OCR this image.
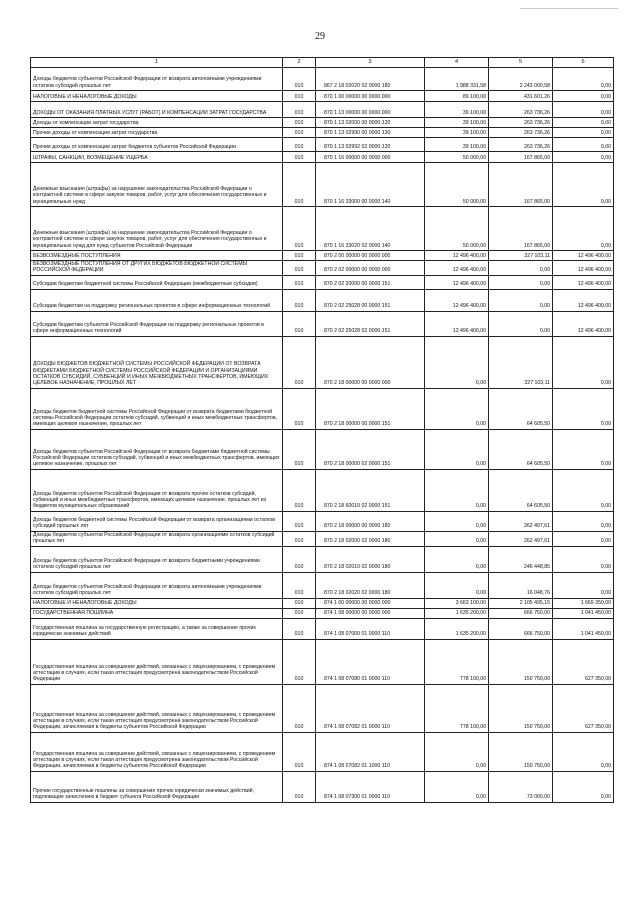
29
1	2	3	4	5	6
Доходы бюджетов субъектов Российской Федерации от возврата автономными учреждениями остатков субсидий прошлых лет	010	867 2 18 02020 02 0000 180	1 988 331,58	2 243 000,58	0,00
НАЛОГОВЫЕ И НЕНАЛОГОВЫЕ ДОХОДЫ	010	870 1 00 00000 00 0000 000	89 100,00	431 601,26	0,00
ДОХОДЫ ОТ ОКАЗАНИЯ ПЛАТНЫХ УСЛУГ (РАБОТ) И КОМПЕНСАЦИИ ЗАТРАТ ГОСУДАРСТВА	010	870 1 13 00000 00 0000 000	39 100,00	263 736,26	0,00
Доходы от компенсации затрат государства	010	870 1 13 02000 00 0000 130	39 100,00	263 736,26	0,00
Прочие доходы от компенсации затрат государства	010	870 1 13 02990 00 0000 130	39 100,00	263 736,26	0,00
Прочие доходы от компенсации затрат бюджетов субъектов Российской Федерации	010	870 1 13 02992 02 0000 130	39 100,00	263 736,26	0,00
ШТРАФЫ, САНКЦИИ, ВОЗМЕЩЕНИЕ УЩЕРБА	010	870 1 16 00000 00 0000 000	50 000,00	167 865,00	0,00
Денежные взыскания (штрафы) за нарушение законодательства Российской Федерации о контрактной системе в сфере закупок товаров, работ, услуг для обеспечения государственных и муниципальных нужд	010	870 1 16 33000 00 0000 140	50 000,00	167 865,00	0,00
Денежные взыскания (штрафы) за нарушение законодательства Российской Федерации о контрактной системе в сфере закупок товаров, работ, услуг для обеспечения государственных и муниципальных нужд для нужд субъектов Российской Федерации	010	870 1 16 33020 02 0000 140	50 000,00	167 865,00	0,00
БЕЗВОЗМЕЗДНЫЕ ПОСТУПЛЕНИЯ	010	870 2 00 00000 00 0000 000	12 496 400,00	327 103,11	12 496 400,00
БЕЗВОЗМЕЗДНЫЕ ПОСТУПЛЕНИЯ ОТ ДРУГИХ БЮДЖЕТОВ БЮДЖЕТНОЙ СИСТЕМЫ РОССИЙСКОЙ ФЕДЕРАЦИИ	010	870 2 02 00000 00 0000 000	12 496 400,00	0,00	12 496 400,00
Субсидии бюджетам бюджетной системы Российской Федерации (межбюджетные субсидии)	010	870 2 02 20000 00 0000 151	12 496 400,00	0,00	12 496 400,00
Субсидии бюджетам на поддержку региональных проектов в сфере информационных технологий	010	870 2 02 25028 00 0000 151	12 496 400,00	0,00	12 496 400,00
Субсидии бюджетам субъектов Российской Федерации на поддержку региональных проектов в сфере информационных технологий	010	870 2 02 25028 02 0000 151	12 496 400,00	0,00	12 496 400,00
ДОХОДЫ БЮДЖЕТОВ БЮДЖЕТНОЙ СИСТЕМЫ РОССИЙСКОЙ ФЕДЕРАЦИИ ОТ ВОЗВРАТА БЮДЖЕТАМИ БЮДЖЕТНОЙ СИСТЕМЫ РОССИЙСКОЙ ФЕДЕРАЦИИ И ОРГАНИЗАЦИЯМИ ОСТАТКОВ СУБСИДИЙ, СУБВЕНЦИЙ И ИНЫХ МЕЖБЮДЖЕТНЫХ ТРАНСФЕРТОВ, ИМЕЮЩИХ ЦЕЛЕВОЕ НАЗНАЧЕНИЕ, ПРОШЛЫХ ЛЕТ	010	870 2 18 00000 00 0000 000	0,00	327 103,11	0,00
Доходы бюджетов бюджетной системы Российской Федерации от возврата бюджетами бюджетной системы Российской Федерации остатков субсидий, субвенций и иных межбюджетных трансфертов, имеющих целевое назначение, прошлых лет	010	870 2 18 00000 00 0000 151	0,00	64 605,50	0,00
Доходы бюджетов субъектов Российской Федерации от возврата бюджетами бюджетной системы Российской Федерации остатков субсидий, субвенций и иных межбюджетных трансфертов, имеющих целевое назначение, прошлых лет	010	870 2 18 00000 02 0000 151	0,00	64 605,50	0,00
Доходы бюджетов субъектов Российской Федерации от возврата прочих остатков субсидий, субвенций и иных межбюджетных трансфертов, имеющих целевое назначение, прошлых лет из бюджетов муниципальных образований	010	870 2 18 60010 02 0000 151	0,00	64 605,50	0,00
Доходы бюджетов бюджетной системы Российской Федерации от возврата организациями остатков субсидий прошлых лет	010	870 2 18 00000 00 0000 180	0,00	262 497,61	0,00
Доходы бюджетов субъектов Российской Федерации от возврата организациями остатков субсидий прошлых лет	010	870 2 18 02000 02 0000 180	0,00	262 497,61	0,00
Доходы бюджетов субъектов Российской Федерации от возврата бюджетными учреждениями остатков субсидий прошлых лет	010	870 2 18 02010 02 0000 180	0,00	246 448,85	0,00
Доходы бюджетов субъектов Российской Федерации от возврата автономными учреждениями остатков субсидий прошлых лет	010	870 2 18 02020 02 0000 180	0,00	16 048,76	0,00
НАЛОГОВЫЕ И НЕНАЛОГОВЫЕ ДОХОДЫ	010	874 1 00 00000 00 0000 000	3 663 100,00	2 105 495,15	1 669 350,00
ГОСУДАРСТВЕННАЯ ПОШЛИНА	010	874 1 08 00000 00 0000 000	1 635 200,00	666 750,00	1 041 450,00
Государственная пошлина за государственную регистрацию, а также за совершение прочих юридически значимых действий	010	874 1 08 07000 01 0000 110	1 635 200,00	666 750,00	1 041 450,00
Государственная пошлина за совершение действий, связанных с лицензированием, с проведением аттестации в случаях, если такая аттестация предусмотрена законодательством Российской Федерации	010	874 1 08 07080 01 0000 110	778 100,00	150 750,00	627 350,00
Государственная пошлина за совершение действий, связанных с лицензированием, с проведением аттестации в случаях, если такая аттестация предусмотрена законодательством Российской Федерации, зачисляемая в бюджеты субъектов Российской Федерации	010	874 1 08 07082 01 0000 110	778 100,00	150 750,00	627 350,00
Государственная пошлина за совершение действий, связанных с лицензированием, с проведением аттестации в случаях, если такая аттестация предусмотрена законодательством Российской Федерации, зачисляемая в бюджеты субъектов Российской Федерации	010	874 1 08 07082 01 1000 110	0,00	150 750,00	0,00
Прочие государственные пошлины за совершение прочих юридически значимых действий, подлежащие зачислению в бюджет субъекта Российской Федерации	010	874 1 08 07300 01 0000 110	0,00	73 000,00	0,00
